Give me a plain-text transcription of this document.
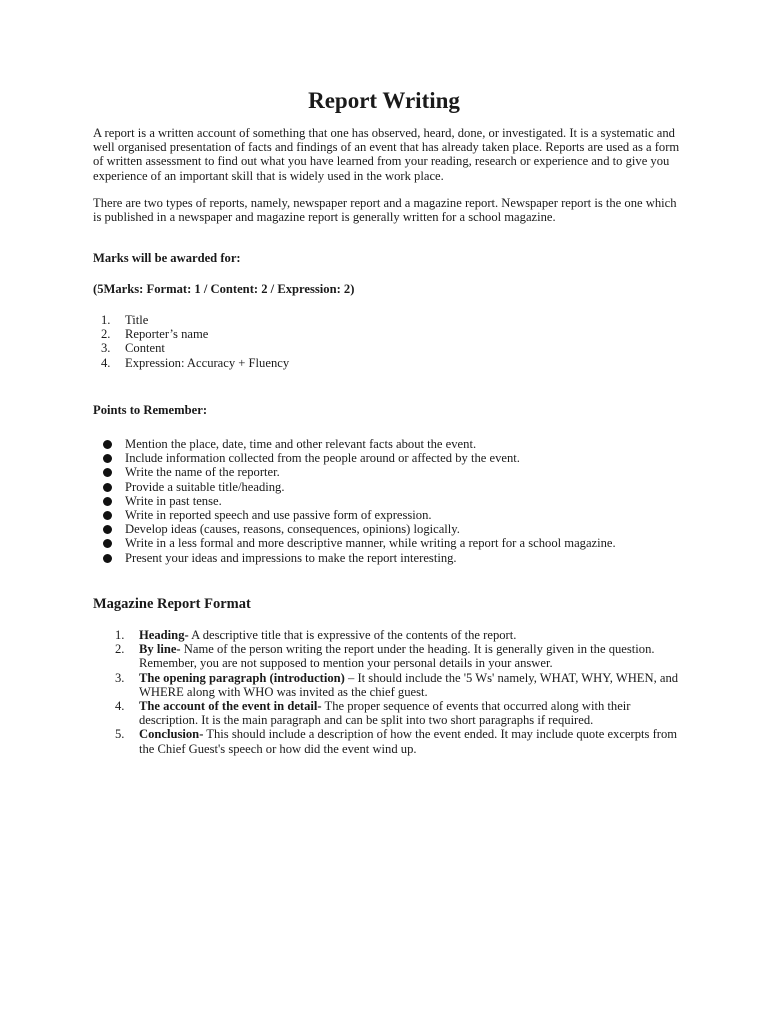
Report Writing
A report is a written account of something that one has observed, heard, done, or investigated. It is a systematic and well organised presentation of facts and findings of an event that has already taken place. Reports are used as a form of written assessment to find out what you have learned from your reading, research or experience and to give you experience of an important skill that is widely used in the work place.
There are two types of reports, namely, newspaper report and a magazine report. Newspaper report is the one which is published in a newspaper and magazine report is generally written for a school magazine.
Marks will be awarded for:
(5Marks: Format: 1 / Content: 2 / Expression: 2)
1.	Title
2.	Reporter’s name
3.	Content
4.	Expression: Accuracy + Fluency
Points to Remember:
Mention the place, date, time and other relevant facts about the event.
Include information collected from the people around or affected by the event.
Write the name of the reporter.
Provide a suitable title/heading.
Write in past tense.
Write in reported speech and use passive form of expression.
Develop ideas (causes, reasons, consequences, opinions) logically.
Write in a less formal and more descriptive manner, while writing a report for a school magazine.
Present your ideas and impressions to make the report interesting.
Magazine Report Format
1.	Heading- A descriptive title that is expressive of the contents of the report.
2.	By line- Name of the person writing the report under the heading. It is generally given in the question. Remember, you are not supposed to mention your personal details in your answer.
3.	The opening paragraph (introduction) – It should include the '5 Ws' namely, WHAT, WHY, WHEN, and WHERE along with WHO was invited as the chief guest.
4.	The account of the event in detail- The proper sequence of events that occurred along with their description. It is the main paragraph and can be split into two short paragraphs if required.
5.	Conclusion- This should include a description of how the event ended. It may include quote excerpts from the Chief Guest's speech or how did the event wind up.
